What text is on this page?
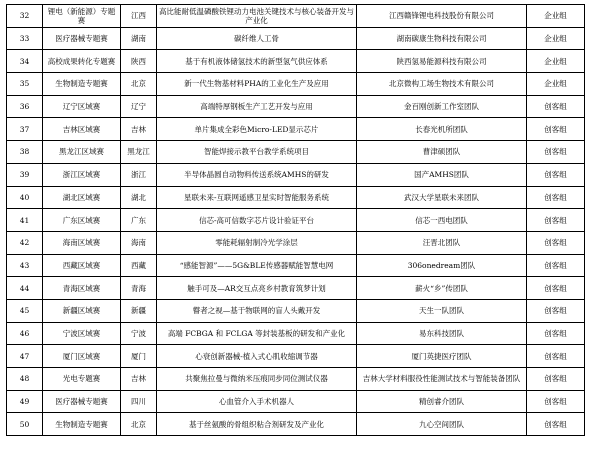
32	锂电（新能源）专题赛	江西	高比能耐低温磷酸铁锂动力电池关键技术与核心装备开发与产业化	江西赣锋锂电科技股份有限公司	企业组
33	医疗器械专题赛	湖南	碳纤维人工骨	湖南碳康生物科技有限公司	企业组
34	高校成果转化专题赛	陕西	基于有机液体储氢技术的新型氢气供应体系	陕西氢易能源科技有限公司	企业组
35	生物制造专题赛	北京	新一代生物基材料PHA的工业化生产及应用	北京微构工场生物技术有限公司	企业组
36	辽宁区域赛	辽宁	高端特厚钢板生产工艺开发与应用	金百刚创新工作室团队	创客组
37	吉林区域赛	吉林	单片集成全彩色Micro-LED显示芯片	长春光机所团队	创客组
38	黑龙江区域赛	黑龙江	智能焊接示教平台教学系统项目	曹津硕团队	创客组
39	浙江区域赛	浙江	半导体晶圆自动物料传送系统AMHS的研发	国产AMHS团队	创客组
40	湖北区域赛	湖北	星联未来-互联网遥感卫星实时智能服务系统	武汉大学星联未来团队	创客组
41	广东区域赛	广东	信芯-高可信数字芯片设计验证平台	信芯一西电团队	创客组
42	海南区域赛	海南	零能耗辐射制冷光学涂层	汪晋北团队	创客组
43	西藏区域赛	西藏	“感能智源”——5G&BLE传感器赋能智慧电网	306onedream团队	创客组
44	青海区域赛	青海	触手可及—AR交互点亮乡村教育筑梦计划	薪火“乡”传团队	创客组
45	新疆区域赛	新疆	瞽者之视—基于物联网的盲人头戴开发	天生一队团队	创客组
46	宁波区域赛	宁波	高端 FCBGA 和 FCLGA 等封装基板的研发和产业化	易东科技团队	创客组
47	厦门区域赛	厦门	心衰创新器械-植入式心肌收缩调节器	厦门英捷医疗团队	创客组
48	光电专题赛	吉林	共聚焦拉曼与微纳米压痕同步同位测试仪器	吉林大学材料服役性能测试技术与智能装备团队	创客组
49	医疗器械专题赛	四川	心血管介入手术机器人	精创睿介团队	创客组
50	生物制造专题赛	北京	基于丝氨酸的骨组织粘合剂研发及产业化	九心空间团队	创客组
